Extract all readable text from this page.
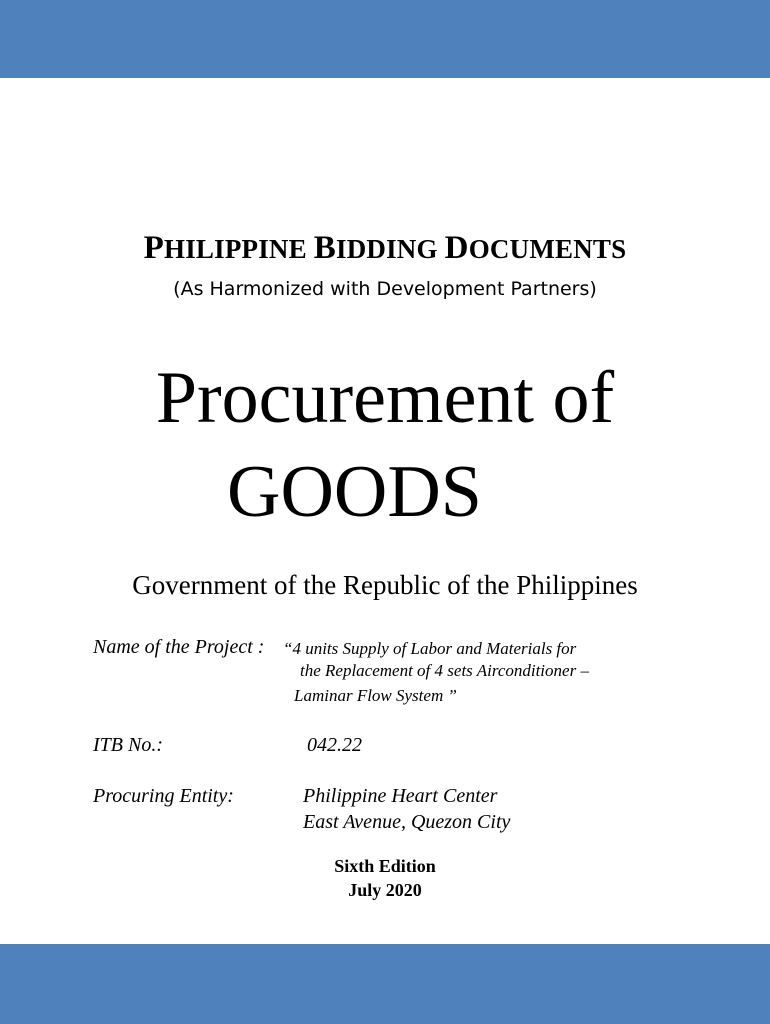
PHILIPPINE BIDDING DOCUMENTS
(As Harmonized with Development Partners)
Procurement of
GOODS
Government of the Republic of the Philippines
Name of the Project : “4 units Supply of Labor and Materials for
the Replacement of 4 sets Airconditioner –
Laminar Flow System ”
ITB No.:	042.22
Procuring Entity:	Philippine Heart Center
East Avenue, Quezon City
Sixth Edition
July 2020
